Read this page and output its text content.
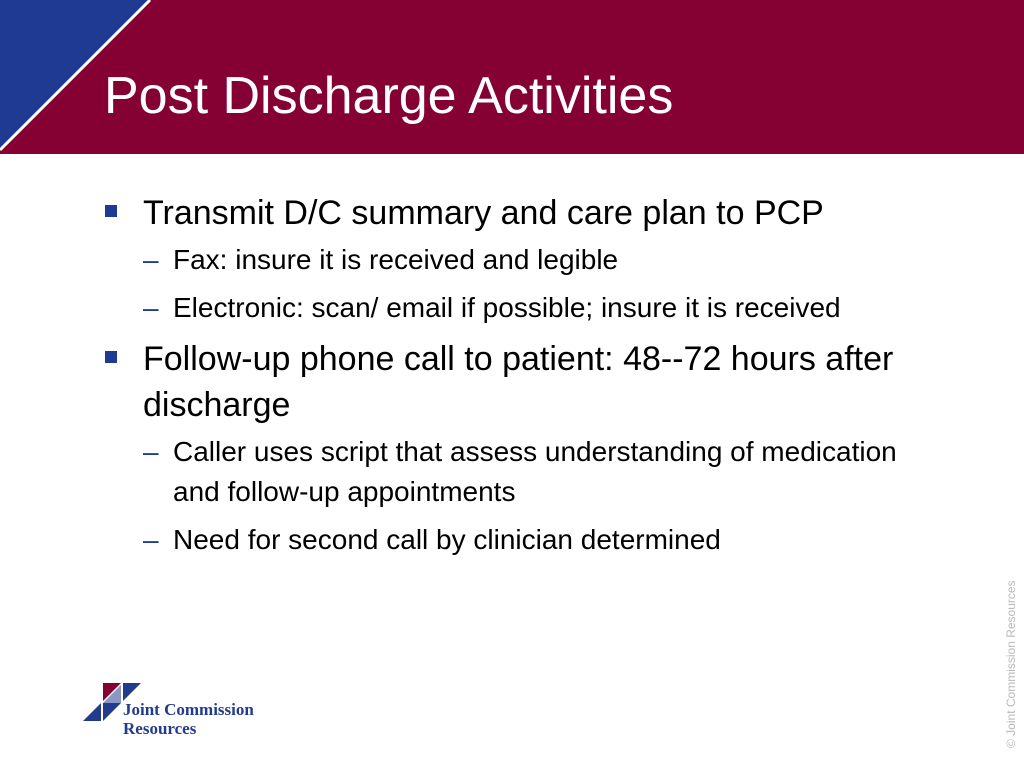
Post Discharge Activities
Transmit D/C summary and care plan to PCP
– Fax: insure it is received and legible
– Electronic: scan/ email if possible; insure it is received
Follow-up phone call to patient: 48--72 hours after discharge
– Caller uses script that assess understanding of medication and follow-up appointments
– Need for second call by clinician determined
Joint Commission
Resources	© Joint Commission Resources
